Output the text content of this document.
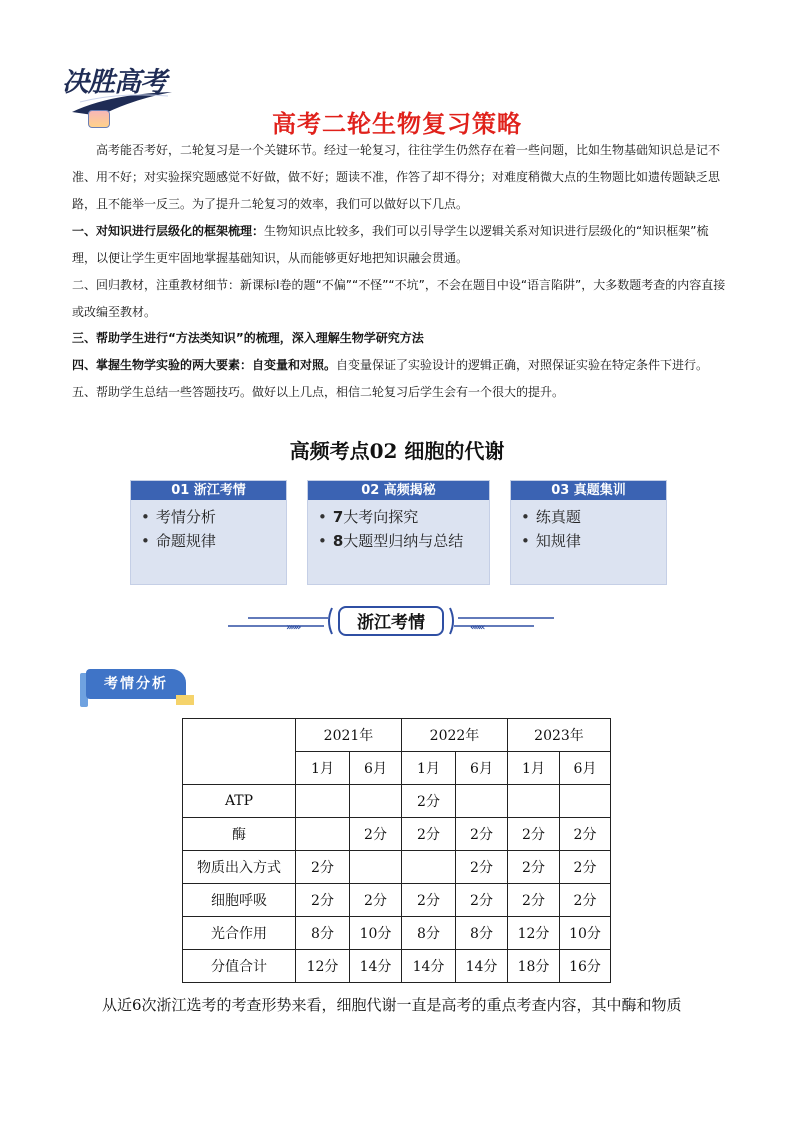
决胜高考
高考二轮生物复习策略
高考能否考好，二轮复习是一个关键环节。经过一轮复习，往往学生仍然存在着一些问题，比如生物基础知识总是记不准、用不好；对实验探究题感觉不好做，做不好；题读不准，作答了却不得分；对难度稍微大点的生物题比如遗传题缺乏思路，且不能举一反三。为了提升二轮复习的效率，我们可以做好以下几点。
一、对知识进行层级化的框架梳理：生物知识点比较多，我们可以引导学生以逻辑关系对知识进行层级化的“知识框架”梳理，以便让学生更牢固地掌握基础知识，从而能够更好地把知识融会贯通。
二、回归教材，注重教材细节：新课标Ⅰ卷的题“不偏”“不怪”“不坑”，不会在题目中设“语言陷阱”，大多数题考查的内容直接或改编至教材。
三、帮助学生进行“方法类知识”的梳理，深入理解生物学研究方法
四、掌握生物学实验的两大要素：自变量和对照。自变量保证了实验设计的逻辑正确，对照保证实验在特定条件下进行。
五、帮助学生总结一些答题技巧。做好以上几点，相信二轮复习后学生会有一个很大的提升。
高频考点02 细胞的代谢
01 浙江考情
• 考情分析
• 命题规律
02 高频揭秘
• 7大考向探究
• 8大题型归纳与总结
03 真题集训
• 练真题
• 知规律
»»»	«««
浙江考情
考情分析
	2021年		2022年		2023年	
	1月	6月	1月	6月	1月	6月
ATP			2分			
酶		2分	2分	2分	2分	2分
物质出入方式	2分			2分	2分	2分
细胞呼吸	2分	2分	2分	2分	2分	2分
光合作用	8分	10分	8分	8分	12分	10分
分值合计	12分	14分	14分	14分	18分	16分
从近6次浙江选考的考查形势来看，细胞代谢一直是高考的重点考查内容，其中酶和物质
